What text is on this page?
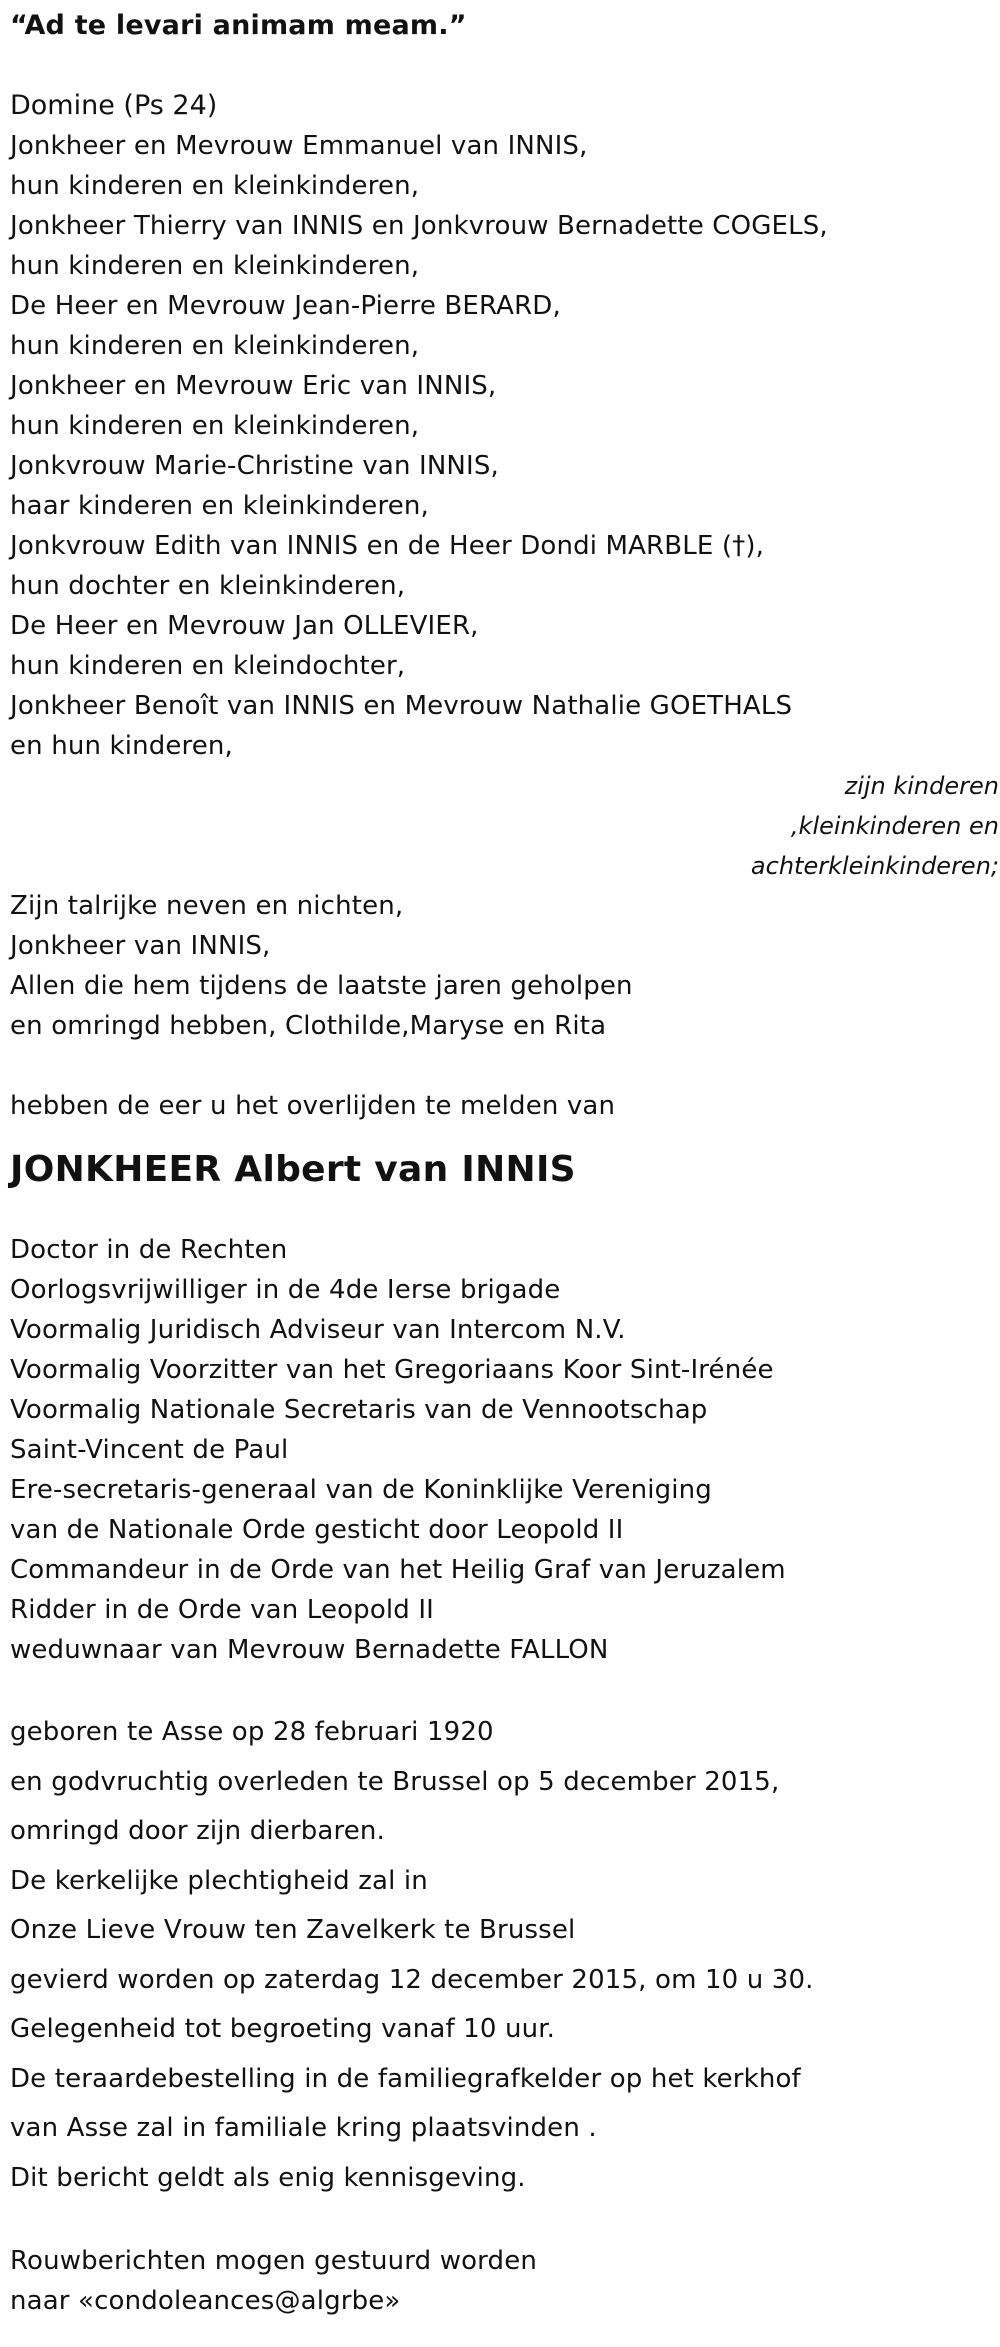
“Ad te levari animam meam.”
Domine (Ps 24)
Jonkheer en Mevrouw Emmanuel van INNIS,
hun kinderen en kleinkinderen,
Jonkheer Thierry van INNIS en Jonkvrouw Bernadette COGELS,
hun kinderen en kleinkinderen,
De Heer en Mevrouw Jean-Pierre BERARD,
hun kinderen en kleinkinderen,
Jonkheer en Mevrouw Eric van INNIS,
hun kinderen en kleinkinderen,
Jonkvrouw Marie-Christine van INNIS,
haar kinderen en kleinkinderen,
Jonkvrouw Edith van INNIS en de Heer Dondi MARBLE (†),
hun dochter en kleinkinderen,
De Heer en Mevrouw Jan OLLEVIER,
hun kinderen en kleindochter,
Jonkheer Benoît van INNIS en Mevrouw Nathalie GOETHALS
en hun kinderen,
zijn kinderen
,kleinkinderen en
achterkleinkinderen;
Zijn talrijke neven en nichten,
Jonkheer van INNIS,
Allen die hem tijdens de laatste jaren geholpen
en omringd hebben, Clothilde,Maryse en Rita
hebben de eer u het overlijden te melden van
JONKHEER Albert van INNIS
Doctor in de Rechten
Oorlogsvrijwilliger in de 4de Ierse brigade
Voormalig Juridisch Adviseur van Intercom N.V.
Voormalig Voorzitter van het Gregoriaans Koor Sint-Irénée
Voormalig Nationale Secretaris van de Vennootschap
Saint-Vincent de Paul
Ere-secretaris-generaal van de Koninklijke Vereniging
van de Nationale Orde gesticht door Leopold II
Commandeur in de Orde van het Heilig Graf van Jeruzalem
Ridder in de Orde van Leopold II
weduwnaar van Mevrouw Bernadette FALLON
geboren te Asse op 28 februari 1920
en godvruchtig overleden te Brussel op 5 december 2015,
omringd door zijn dierbaren.
De kerkelijke plechtigheid zal in
Onze Lieve Vrouw ten Zavelkerk te Brussel
gevierd worden op zaterdag 12 december 2015, om 10 u 30.
Gelegenheid tot begroeting vanaf 10 uur.
De teraardebestelling in de familiegrafkelder op het kerkhof
van Asse zal in familiale kring plaatsvinden .
Dit bericht geldt als enig kennisgeving.
Rouwberichten mogen gestuurd worden
naar «condoleances@algrbe»
